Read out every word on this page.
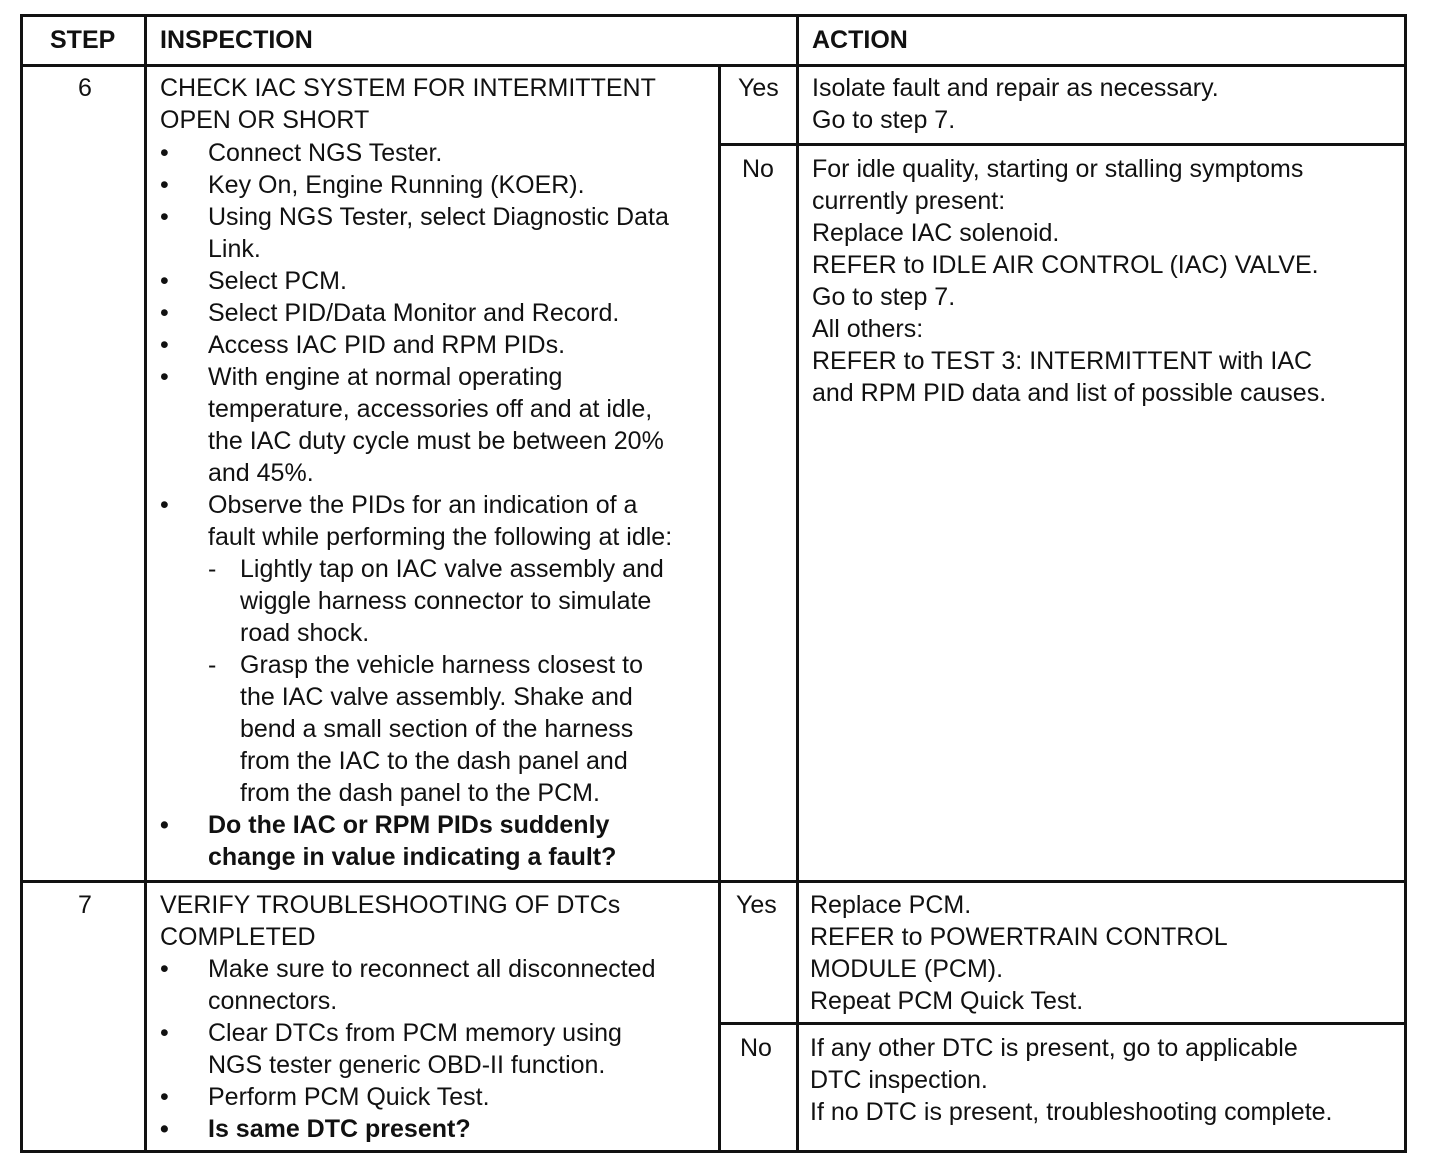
STEP INSPECTION	ACTION
6	CHECK IAC SYSTEM FOR INTERMITTENT
OPEN OR SHORT
• Connect NGS Tester.
• Key On, Engine Running (KOER).
• Using NGS Tester, select Diagnostic Data
Link.
• Select PCM.
• Select PID/Data Monitor and Record.
• Access IAC PID and RPM PIDs.
• With engine at normal operating
temperature, accessories off and at idle,
the IAC duty cycle must be between 20%
and 45%.
• Observe the PIDs for an indication of a
fault while performing the following at idle:
- Lightly tap on IAC valve assembly and
wiggle harness connector to simulate
road shock.
- Grasp the vehicle harness closest to
the IAC valve assembly. Shake and
bend a small section of the harness
from the IAC to the dash panel and
from the dash panel to the PCM.
• Do the IAC or RPM PIDs suddenly
change in value indicating a fault?
Yes Isolate fault and repair as necessary.
Go to step 7.
No For idle quality, starting or stalling symptoms
currently present:
Replace IAC solenoid.
REFER to IDLE AIR CONTROL (IAC) VALVE.
Go to step 7.
All others:
REFER to TEST 3: INTERMITTENT with IAC
and RPM PID data and list of possible causes.
7	VERIFY TROUBLESHOOTING OF DTCs
COMPLETED
• Make sure to reconnect all disconnected
connectors.
• Clear DTCs from PCM memory using
NGS tester generic OBD-II function.
• Perform PCM Quick Test.
• Is same DTC present?
Yes Replace PCM.
REFER to POWERTRAIN CONTROL
MODULE (PCM).
Repeat PCM Quick Test.
No If any other DTC is present, go to applicable
DTC inspection.
If no DTC is present, troubleshooting complete.
